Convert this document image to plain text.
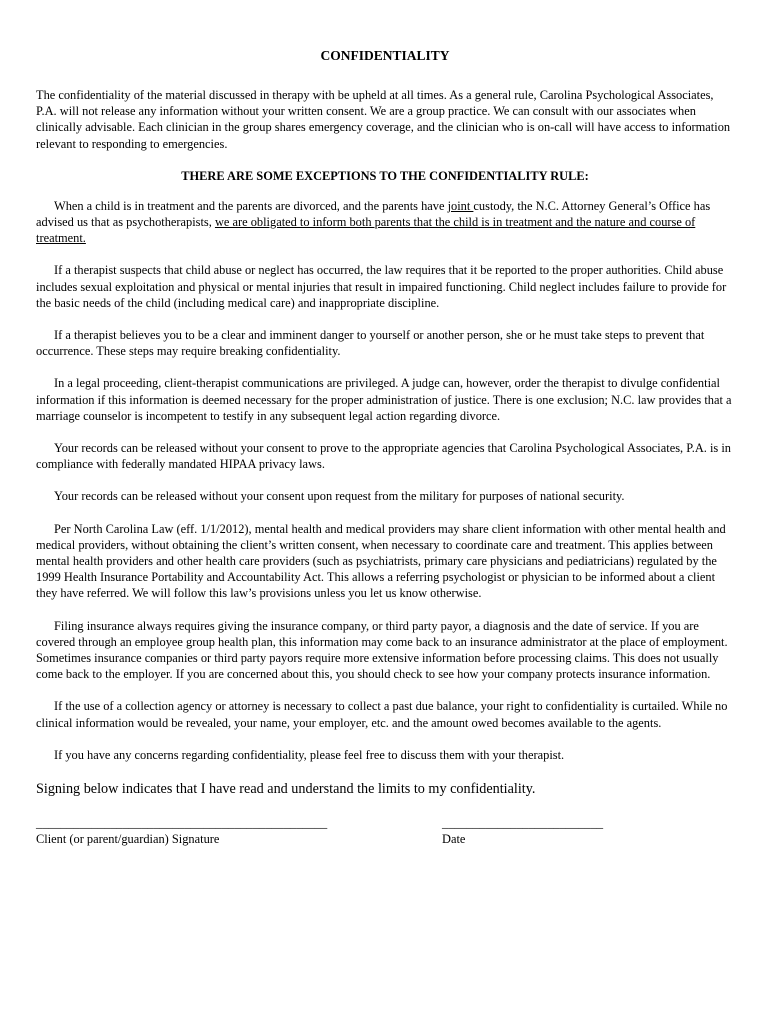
CONFIDENTIALITY

The confidentiality of the material discussed in therapy with be upheld at all times. As a general rule, Carolina Psychological Associates, P.A. will not release any information without your written consent. We are a group practice. We can consult with our associates when clinically advisable. Each clinician in the group shares emergency coverage, and the clinician who is on-call will have access to information relevant to responding to emergencies.

THERE ARE SOME EXCEPTIONS TO THE CONFIDENTIALITY RULE:

When a child is in treatment and the parents are divorced, and the parents have joint custody, the N.C. Attorney General’s Office has advised us that as psychotherapists, we are obligated to inform both parents that the child is in treatment and the nature and course of treatment.

If a therapist suspects that child abuse or neglect has occurred, the law requires that it be reported to the proper authorities. Child abuse includes sexual exploitation and physical or mental injuries that result in impaired functioning. Child neglect includes failure to provide for the basic needs of the child (including medical care) and inappropriate discipline.

If a therapist believes you to be a clear and imminent danger to yourself or another person, she or he must take steps to prevent that occurrence. These steps may require breaking confidentiality.

In a legal proceeding, client-therapist communications are privileged. A judge can, however, order the therapist to divulge confidential information if this information is deemed necessary for the proper administration of justice. There is one exclusion; N.C. law provides that a marriage counselor is incompetent to testify in any subsequent legal action regarding divorce.

Your records can be released without your consent to prove to the appropriate agencies that Carolina Psychological Associates, P.A. is in compliance with federally mandated HIPAA privacy laws.

Your records can be released without your consent upon request from the military for purposes of national security.

Per North Carolina Law (eff. 1/1/2012), mental health and medical providers may share client information with other mental health and medical providers, without obtaining the client’s written consent, when necessary to coordinate care and treatment. This applies between mental health providers and other health care providers (such as psychiatrists, primary care physicians and pediatricians) regulated by the 1999 Health Insurance Portability and Accountability Act. This allows a referring psychologist or physician to be informed about a client they have referred. We will follow this law’s provisions unless you let us know otherwise.

Filing insurance always requires giving the insurance company, or third party payor, a diagnosis and the date of service. If you are covered through an employee group health plan, this information may come back to an insurance administrator at the place of employment. Sometimes insurance companies or third party payors require more extensive information before processing claims. This does not usually come back to the employer. If you are concerned about this, you should check to see how your company protects insurance information.

If the use of a collection agency or attorney is necessary to collect a past due balance, your right to confidentiality is curtailed. While no clinical information would be revealed, your name, your employer, etc. and the amount owed becomes available to the agents.

If you have any concerns regarding confidentiality, please feel free to discuss them with your therapist.

Signing below indicates that I have read and understand the limits to my confidentiality.
_______________________________________________
Client (or parent/guardian) Signature
__________________________
Date
